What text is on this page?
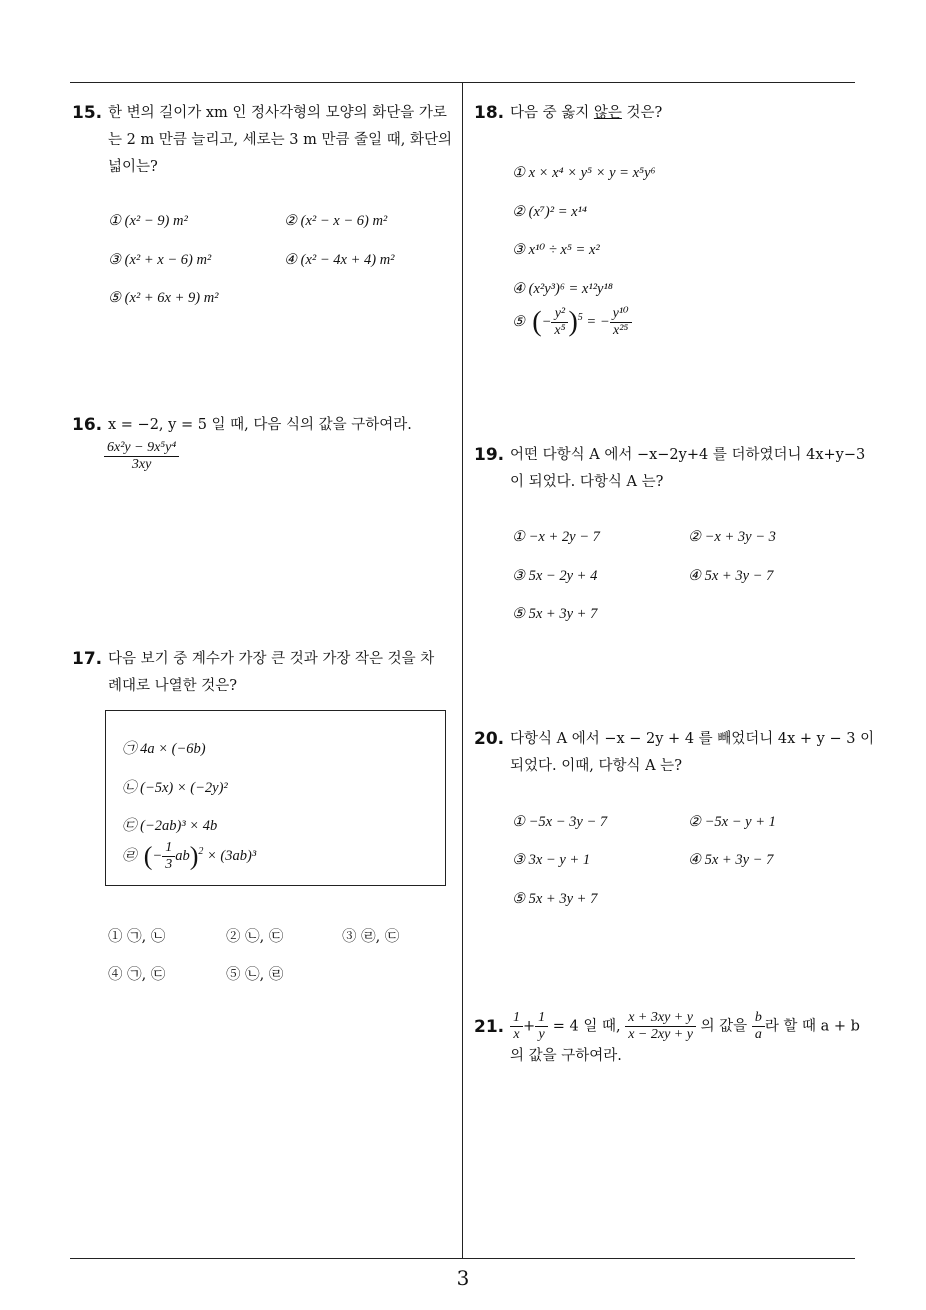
15. 한 변의 길이가 xm 인 정사각형의 모양의 화단을 가로
는 2 m 만큼 늘리고, 세로는 3 m 만큼 줄일 때, 화단의
넓이는?
① (x² − 9) m²	② (x² − x − 6) m²
③ (x² + x − 6) m²	④ (x² − 4x + 4) m²
⑤ (x² + 6x + 9) m²
16. x = −2, y = 5 일 때, 다음 식의 값을 구하여라.
$\frac{\text{6x²y − 9x⁵y⁴}}{3xy}$
17. 다음 보기 중 계수가 가장 큰 것과 가장 작은 것을 차
례대로 나열한 것은?
㉠ 4a × (−6b)
㉡ (−5x) × (−2y)²
㉢ (−2ab)³ × 4b
㉣ (− $\frac{1}{3} ab)^2 \times (3ab)^3$
① ㉠, ㉡	② ㉡, ㉢	③ ㉣, ㉢
④ ㉠, ㉢	⑤ ㉡, ㉣
18. 다음 중 옳지 않은 것은?
① x × x⁴ × y⁵ × y = x⁵y⁶
② (x⁷)² = x¹⁴
③ x¹⁰ ÷ x⁵ = x²
④ (x²y³)⁶ = x¹²y¹⁸
⑤ (− $\frac{\text{y²}}{\text{x⁵}} )^5$ = − $\frac{\text{y¹⁰}}{\text{x²⁵}}$
19. 어떤 다항식 A 에서 −x−2y+4 를 더하였더니 4x+y−3
이 되었다. 다항식 A 는?
① −x + 2y − 7	② −x + 3y − 3
③ 5x − 2y + 4	④ 5x + 3y − 7
⑤ 5x + 3y + 7
20. 다항식 A 에서 −x − 2y + 4 를 빼었더니 4x + y − 3 이
되었다. 이때, 다항식 A 는?
① −5x − 3y − 7	② −5x − y + 1
③ 3x − y + 1	④ 5x + 3y − 7
⑤ 5x + 3y + 7
21. $\frac{1}{x} + \frac{1}{y} = 4$ 일 때, $\frac{x + 3xy + y}{x - 2xy + y}$ 의 값을 $\frac{b}{a}$ 라 할 때 a + b
의 값을 구하여라.
3
